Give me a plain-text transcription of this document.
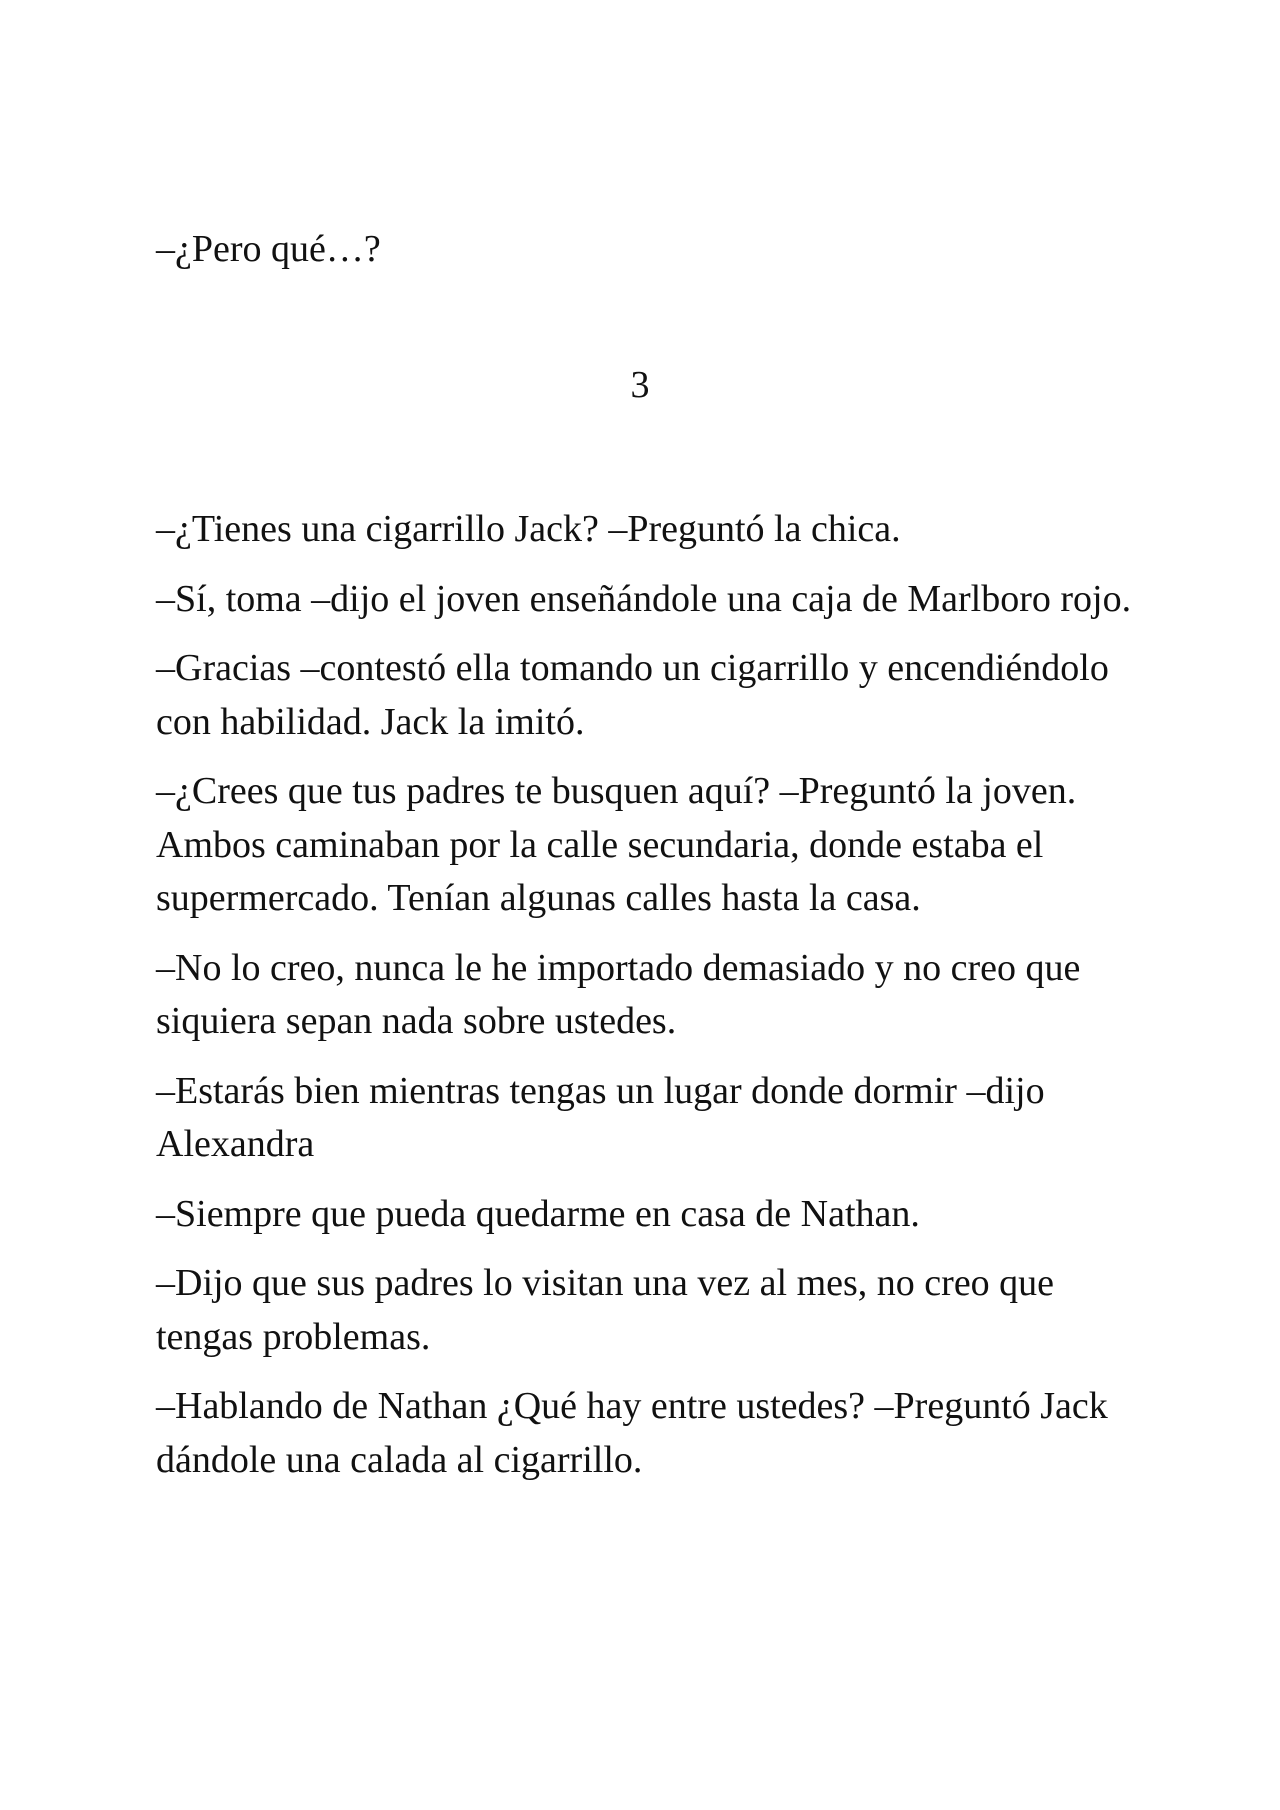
–¿Pero qué…?

3

–¿Tienes una cigarrillo Jack? –Preguntó la chica.

–Sí, toma –dijo el joven enseñándole una caja de Marlboro rojo.

–Gracias –contestó ella tomando un cigarrillo y encendiéndolo con habilidad. Jack la imitó.

–¿Crees que tus padres te busquen aquí? –Preguntó la joven. Ambos caminaban por la calle secundaria, donde estaba el supermercado. Tenían algunas calles hasta la casa.

–No lo creo, nunca le he importado demasiado y no creo que siquiera sepan nada sobre ustedes.

–Estarás bien mientras tengas un lugar donde dormir –dijo Alexandra

–Siempre que pueda quedarme en casa de Nathan.

–Dijo que sus padres lo visitan una vez al mes, no creo que tengas problemas.

–Hablando de Nathan ¿Qué hay entre ustedes? –Preguntó Jack dándole una calada al cigarrillo.
